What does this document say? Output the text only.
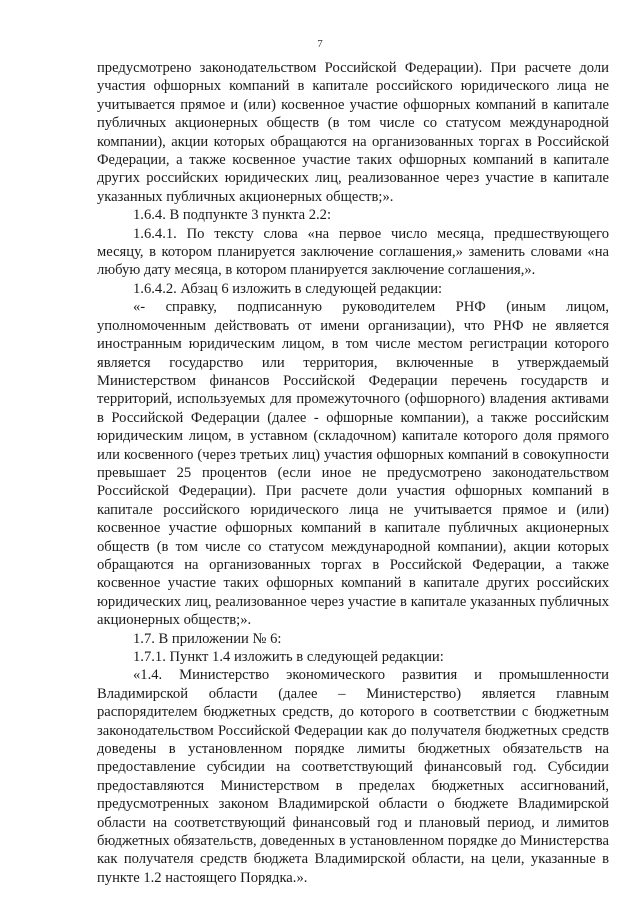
7

предусмотрено законодательством Российской Федерации). При расчете доли участия офшорных компаний в капитале российского юридического лица не учитывается прямое и (или) косвенное участие офшорных компаний в капитале публичных акционерных обществ (в том числе со статусом международной компании), акции которых обращаются на организованных торгах в Российской Федерации, а также косвенное участие таких офшорных компаний в капитале других российских юридических лиц, реализованное через участие в капитале указанных публичных акционерных обществ;».

1.6.4. В подпункте 3 пункта 2.2:

1.6.4.1. По тексту слова «на первое число месяца, предшествующего месяцу, в котором планируется заключение соглашения,» заменить словами «на любую дату месяца, в котором планируется заключение соглашения,».

1.6.4.2. Абзац 6 изложить в следующей редакции:

«- справку, подписанную руководителем РНФ (иным лицом, уполномоченным действовать от имени организации), что РНФ не является иностранным юридическим лицом, в том числе местом регистрации которого является государство или территория, включенные в утверждаемый Министерством финансов Российской Федерации перечень государств и территорий, используемых для промежуточного (офшорного) владения активами в Российской Федерации (далее - офшорные компании), а также российским юридическим лицом, в уставном (складочном) капитале которого доля прямого или косвенного (через третьих лиц) участия офшорных компаний в совокупности превышает 25 процентов (если иное не предусмотрено законодательством Российской Федерации). При расчете доли участия офшорных компаний в капитале российского юридического лица не учитывается прямое и (или) косвенное участие офшорных компаний в капитале публичных акционерных обществ (в том числе со статусом международной компании), акции которых обращаются на организованных торгах в Российской Федерации, а также косвенное участие таких офшорных компаний в капитале других российских юридических лиц, реализованное через участие в капитале указанных публичных акционерных обществ;».

1.7. В приложении № 6:

1.7.1. Пункт 1.4 изложить в следующей редакции:

«1.4. Министерство экономического развития и промышленности Владимирской области (далее – Министерство) является главным распорядителем бюджетных средств, до которого в соответствии с бюджетным законодательством Российской Федерации как до получателя бюджетных средств доведены в установленном порядке лимиты бюджетных обязательств на предоставление субсидии на соответствующий финансовый год. Субсидии предоставляются Министерством в пределах бюджетных ассигнований, предусмотренных законом Владимирской области о бюджете Владимирской области на соответствующий финансовый год и плановый период, и лимитов бюджетных обязательств, доведенных в установленном порядке до Министерства как получателя средств бюджета Владимирской области, на цели, указанные в пункте 1.2 настоящего Порядка.».
